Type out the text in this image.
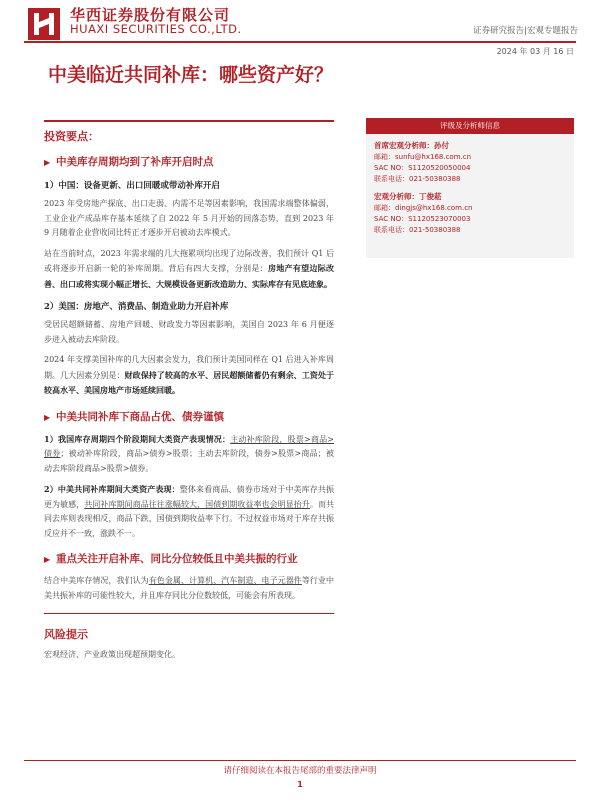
华西证券股份有限公司
HUAXI SECURITIES CO.,LTD.	证券研究报告|宏观专题报告
2024 年 03 月 16 日
中美临近共同补库：哪些资产好？
评级及分析师信息
首席宏观分析师：孙付
邮箱：sunfu@hx168.com.cn
SAC NO：S1120520050004
联系电话：021-50380388
宏观分析师：丁俊菘
邮箱：dingjs@hx168.com.cn
SAC NO：S1120523070003
联系电话：021-50380388
投资要点：
▶ 中美库存周期均到了补库开启时点
1）中国：设备更新、出口回暖或带动补库开启

2023 年受房地产探底、出口走弱、内需不足等因素影响，我国需求端整体偏弱，工业企业产成品库存基本延续了自 2022 年 5 月开始的回落态势，直到 2023 年 9 月随着企业营收同比转正才逐步开启被动去库模式。

站在当前时点，2023 年需求端的几大拖累项均出现了边际改善，我们预计 Q1 后或将逐步开启新一轮的补库周期。背后有四大支撑，分别是：房地产有望边际改善、出口或将实现小幅正增长、大规模设备更新改造助力、实际库存有见底迹象。

2）美国：房地产、消费品、制造业助力开启补库

受居民超额储蓄、房地产回暖、财政发力等因素影响，美国自 2023 年 6 月便逐步进入被动去库阶段。

2024 年支撑美国补库的几大因素会发力，我们预计美国同样在 Q1 后进入补库周期。几大因素分别是：财政保持了较高的水平、居民超额储蓄仍有剩余、工资处于较高水平、美国房地产市场延续回暖。

▶ 中美共同补库下商品占优、债券谨慎

1）我国库存周期四个阶段期间大类资产表现情况：主动补库阶段，股票>商品>债券；被动补库阶段，商品>债券>股票；主动去库阶段，债券>股票>商品；被动去库阶段商品>股票>债券。

2）中美共同补库期间大类资产表现：整体来看商品、债券市场对于中美库存共振更为敏感，共同补库期间商品往往涨幅较大，国债到期收益率也会明显抬升。而共同去库则表现相反，商品下跌，国债到期收益率下行。不过权益市场对于库存共振反应并不一致，涨跌不一。

▶ 重点关注开启补库、同比分位较低且中美共振的行业

结合中美库存情况，我们认为有色金属、计算机、汽车制造、电子元器件等行业中美共振补库的可能性较大，并且库存同比分位数较低，可能会有所表现。

风险提示

宏观经济、产业政策出现超预期变化。

请仔细阅读在本报告尾部的重要法律声明
1
